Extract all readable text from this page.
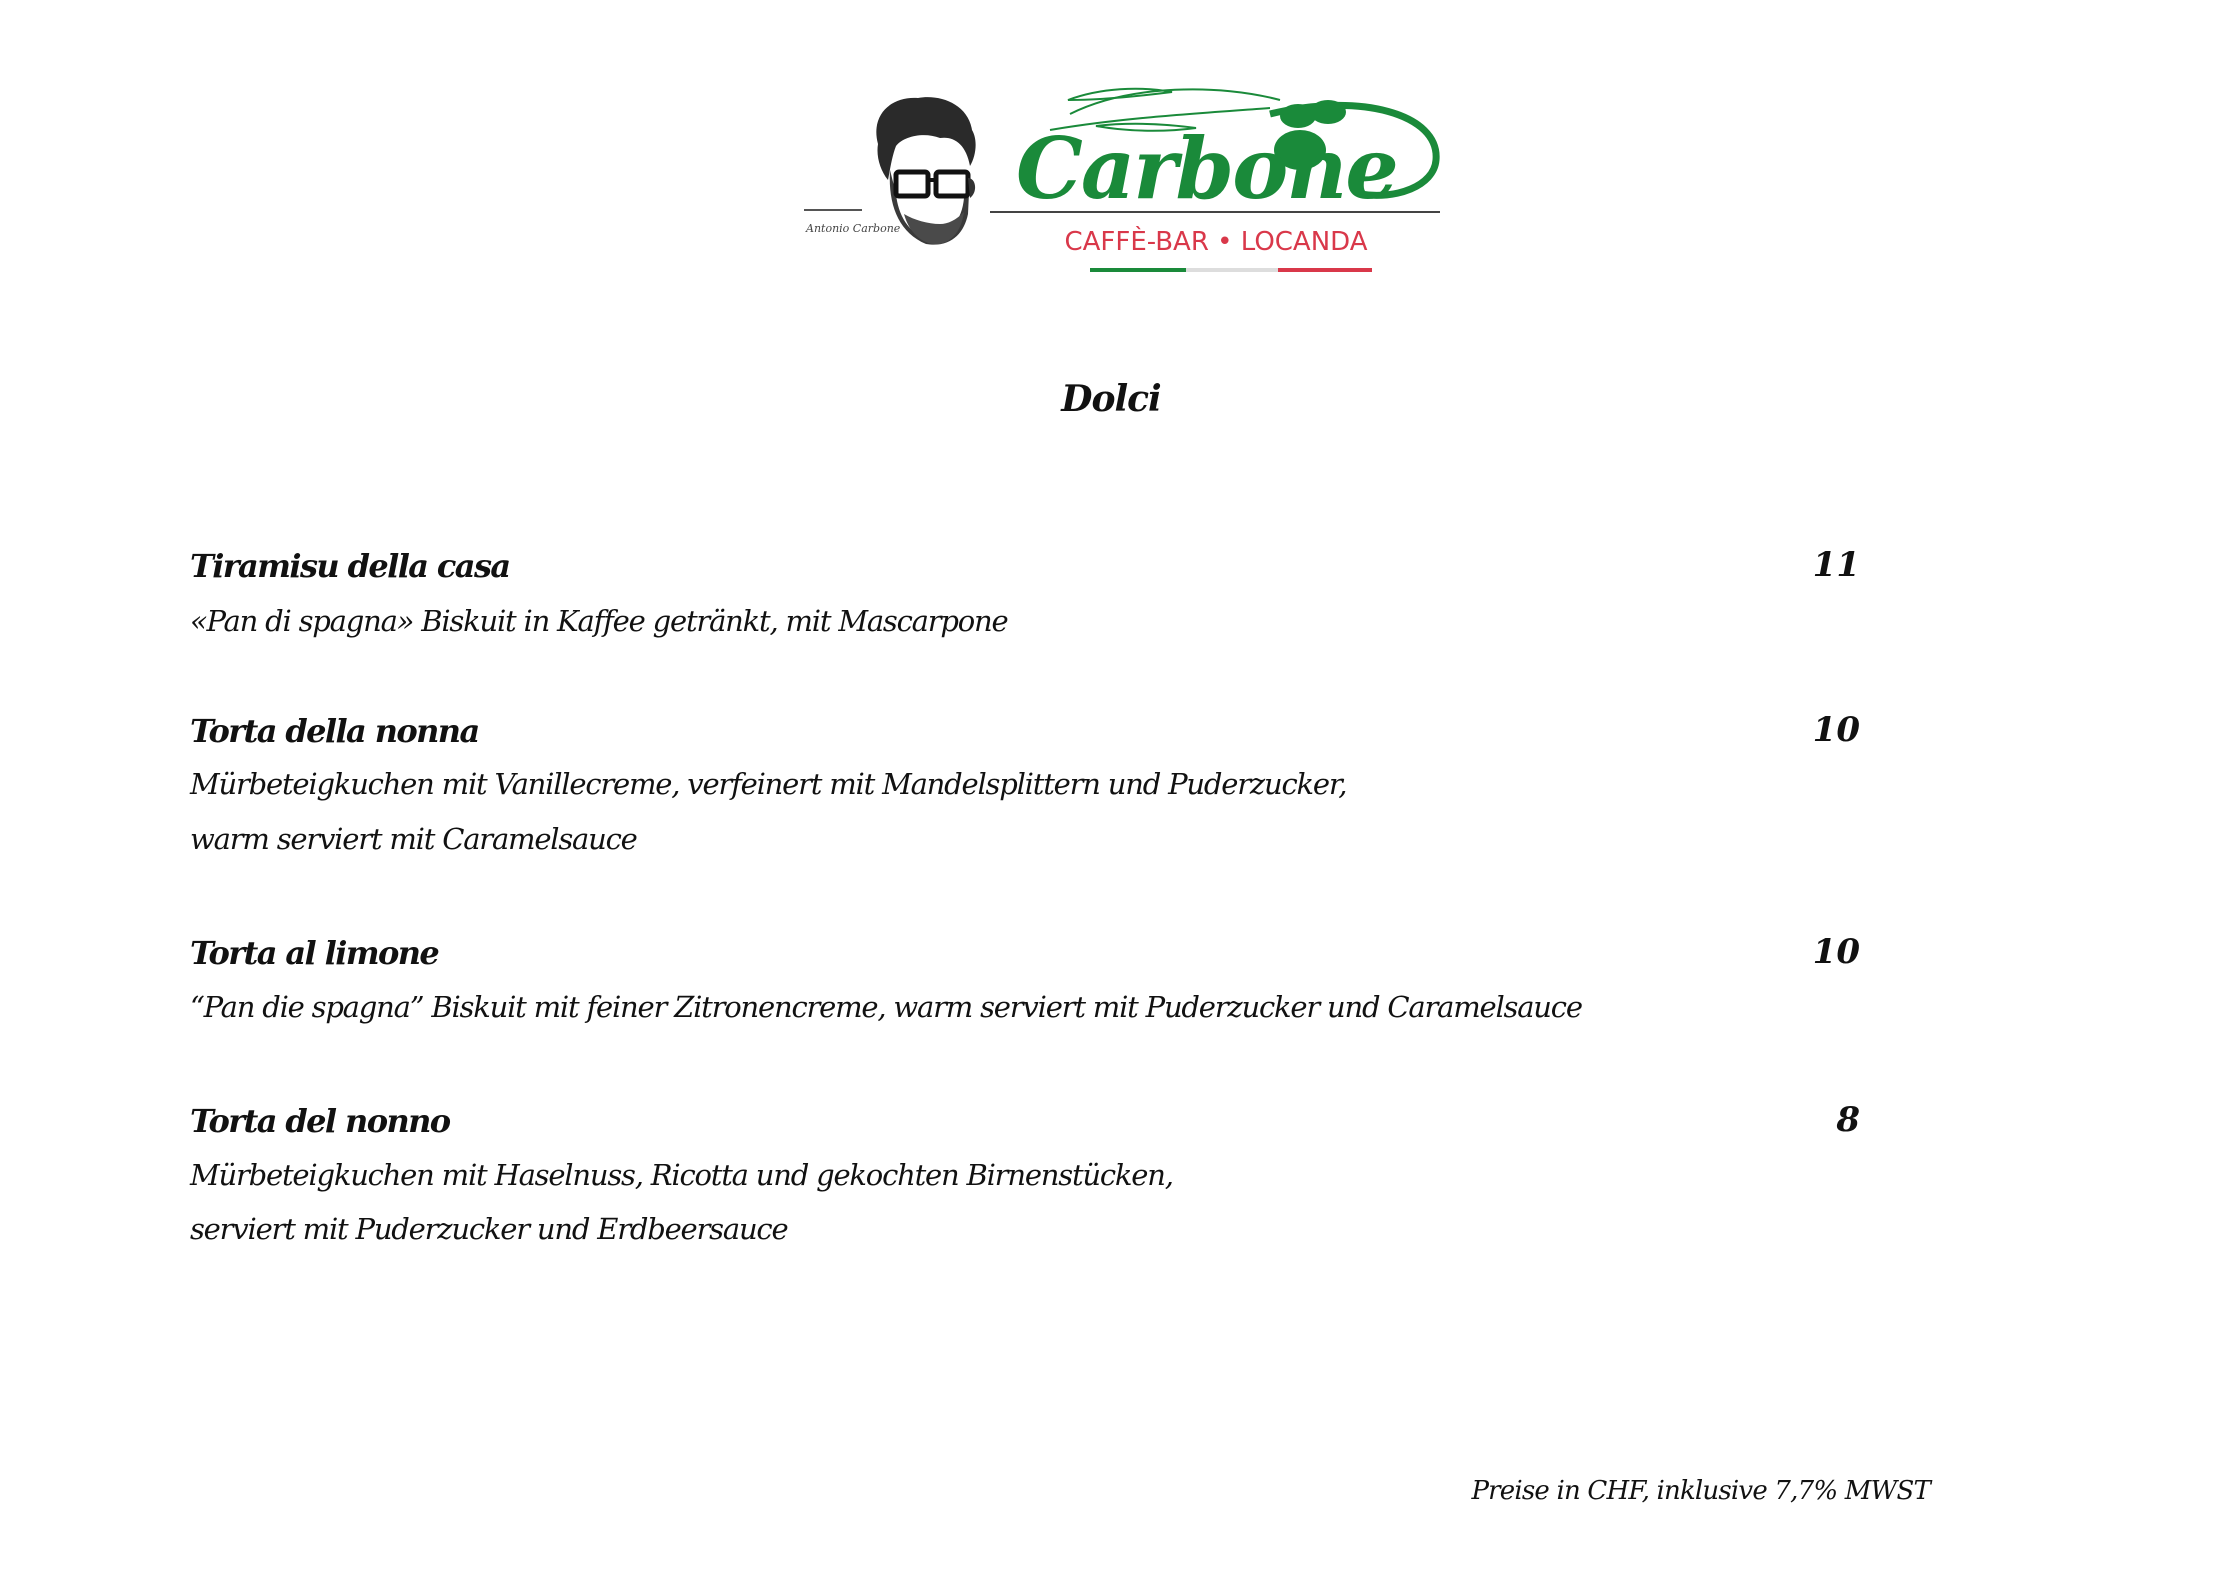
Antonio Carbone
Carbone
CAFFÈ-BAR • LOCANDA
Dolci
Tiramisu della casa	11
«Pan di spagna» Biskuit in Kaffee getränkt, mit Mascarpone
Torta della nonna	10
Mürbeteigkuchen mit Vanillecreme, verfeinert mit Mandelsplittern und Puderzucker,
warm serviert mit Caramelsauce
Torta al limone	10
“Pan die spagna” Biskuit mit feiner Zitronencreme, warm serviert mit Puderzucker und Caramelsauce
Torta del nonno	8
Mürbeteigkuchen mit Haselnuss, Ricotta und gekochten Birnenstücken,
serviert mit Puderzucker und Erdbeersauce
Preise in CHF, inklusive 7,7% MWST
